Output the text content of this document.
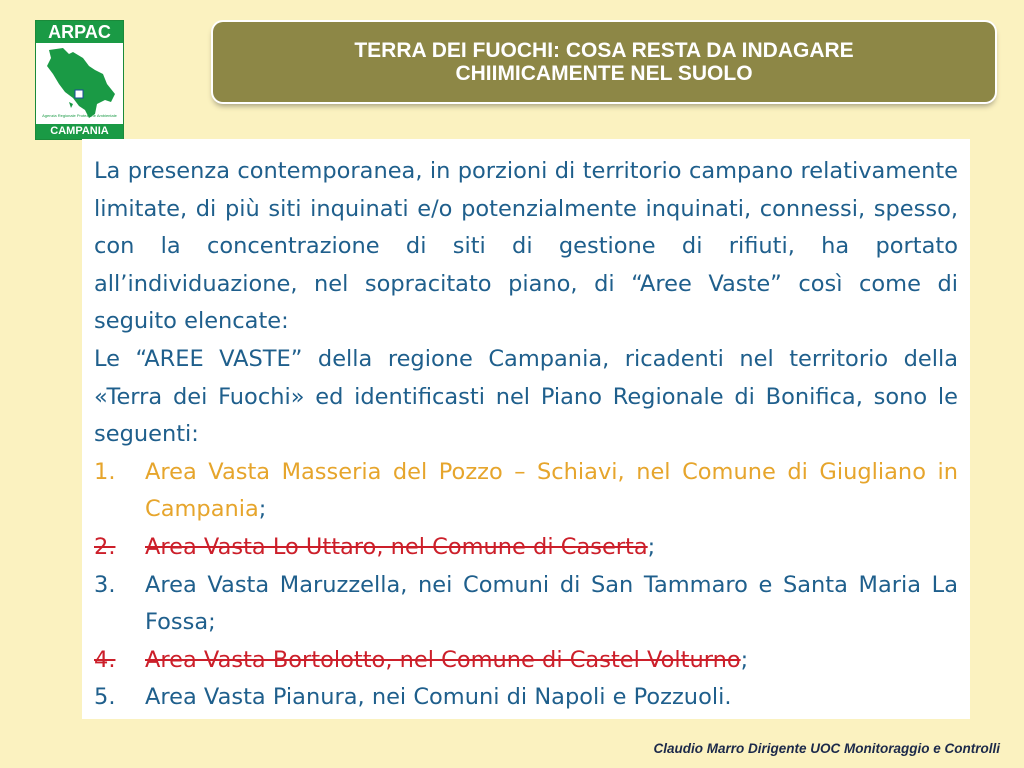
ARPAC
Agenzia Regionale Protezione Ambientale
CAMPANIA
TERRA DEI FUOCHI: COSA RESTA DA INDAGARE
CHIIMICAMENTE NEL SUOLO

La presenza contemporanea, in porzioni di territorio campano relativamente limitate, di più siti inquinati e/o potenzialmente inquinati, connessi, spesso, con la concentrazione di siti di gestione di rifiuti, ha portato all’individuazione, nel sopracitato piano, di “Aree Vaste” così come di seguito elencate:

Le “AREE VASTE” della regione Campania, ricadenti nel territorio della «Terra dei Fuochi» ed identificasti nel Piano Regionale di Bonifica, sono le seguenti:

1. Area Vasta Masseria del Pozzo – Schiavi, nel Comune di Giugliano in Campania;
2. Area Vasta Lo Uttaro, nel Comune di Caserta;
3. Area Vasta Maruzzella, nei Comuni di San Tammaro e Santa Maria La Fossa;
4. Area Vasta Bortolotto, nel Comune di Castel Volturno;
5. Area Vasta Pianura, nei Comuni di Napoli e Pozzuoli.
Claudio Marro Dirigente UOC Monitoraggio e Controlli
